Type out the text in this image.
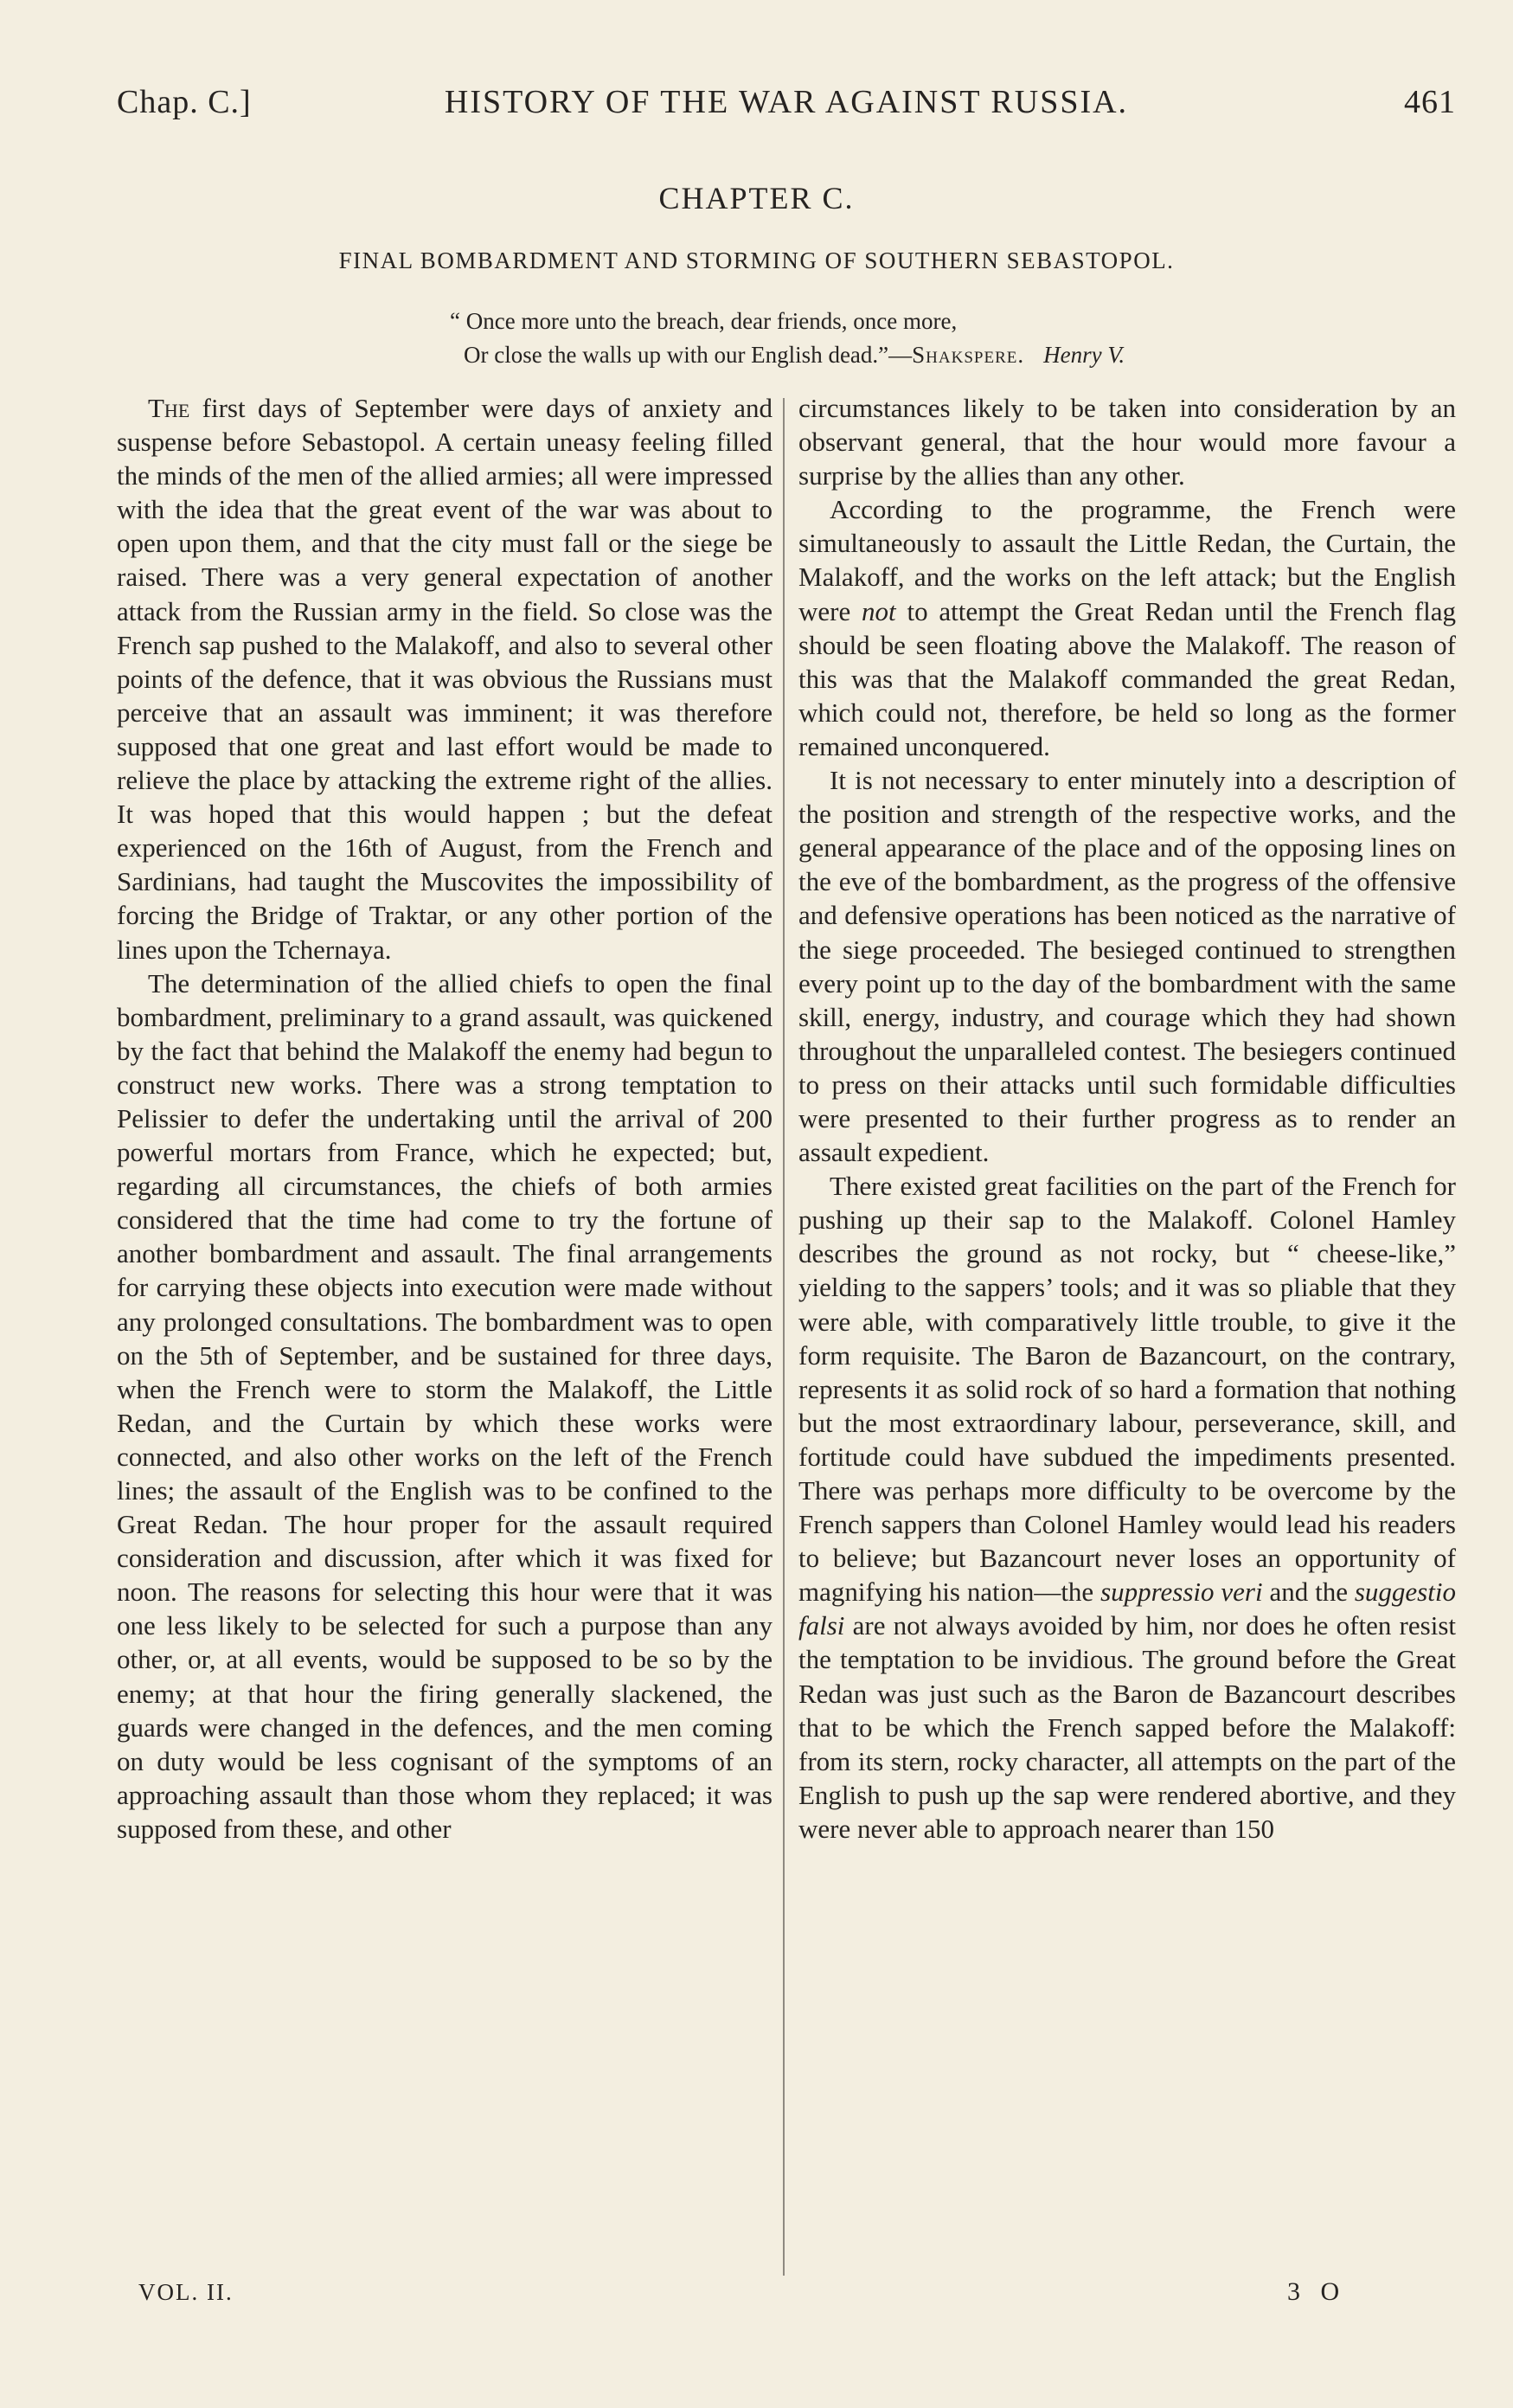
Chap. C.]	HISTORY OF THE WAR AGAINST RUSSIA.	461
CHAPTER C.
FINAL BOMBARDMENT AND STORMING OF SOUTHERN SEBASTOPOL.
“ Once more unto the breach, dear friends, once more,
Or close the walls up with our English dead.”—Shakspere. Henry V.

The first days of September were days of anxiety and suspense before Sebastopol. A certain uneasy feeling filled the minds of the men of the allied armies; all were impressed with the idea that the great event of the war was about to open upon them, and that the city must fall or the siege be raised. There was a very general expectation of another attack from the Russian army in the field. So close was the French sap pushed to the Malakoff, and also to several other points of the defence, that it was obvious the Russians must perceive that an assault was imminent; it was therefore supposed that one great and last effort would be made to relieve the place by attacking the extreme right of the allies. It was hoped that this would happen ; but the defeat experienced on the 16th of August, from the French and Sardinians, had taught the Muscovites the impossibility of forcing the Bridge of Traktar, or any other portion of the lines upon the Tchernaya.

The determination of the allied chiefs to open the final bombardment, preliminary to a grand assault, was quickened by the fact that behind the Malakoff the enemy had begun to construct new works. There was a strong temptation to Pelissier to defer the undertaking until the arrival of 200 powerful mortars from France, which he expected; but, regarding all circumstances, the chiefs of both armies considered that the time had come to try the fortune of another bombardment and assault. The final arrangements for carrying these objects into execution were made without any prolonged consultations. The bombardment was to open on the 5th of September, and be sustained for three days, when the French were to storm the Malakoff, the Little Redan, and the Curtain by which these works were connected, and also other works on the left of the French lines; the assault of the English was to be confined to the Great Redan. The hour proper for the assault required consideration and discussion, after which it was fixed for noon. The reasons for selecting this hour were that it was one less likely to be selected for such a purpose than any other, or, at all events, would be supposed to be so by the enemy; at that hour the firing generally slackened, the guards were changed in the defences, and the men coming on duty would be less cognisant of the symptoms of an approaching assault than those whom they replaced; it was supposed from these, and other

circumstances likely to be taken into consideration by an observant general, that the hour would more favour a surprise by the allies than any other.

According to the programme, the French were simultaneously to assault the Little Redan, the Curtain, the Malakoff, and the works on the left attack; but the English were not to attempt the Great Redan until the French flag should be seen floating above the Malakoff. The reason of this was that the Malakoff commanded the great Redan, which could not, therefore, be held so long as the former remained unconquered.

It is not necessary to enter minutely into a description of the position and strength of the respective works, and the general appearance of the place and of the opposing lines on the eve of the bombardment, as the progress of the offensive and defensive operations has been noticed as the narrative of the siege proceeded. The besieged continued to strengthen every point up to the day of the bombardment with the same skill, energy, industry, and courage which they had shown throughout the unparalleled contest. The besiegers continued to press on their attacks until such formidable difficulties were presented to their further progress as to render an assault expedient.

There existed great facilities on the part of the French for pushing up their sap to the Malakoff. Colonel Hamley describes the ground as not rocky, but “ cheese-like,” yielding to the sappers’ tools; and it was so pliable that they were able, with comparatively little trouble, to give it the form requisite. The Baron de Bazancourt, on the contrary, represents it as solid rock of so hard a formation that nothing but the most extraordinary labour, perseverance, skill, and fortitude could have subdued the impediments presented. There was perhaps more difficulty to be overcome by the French sappers than Colonel Hamley would lead his readers to believe; but Bazancourt never loses an opportunity of magnifying his nation—the suppressio veri and the suggestio falsi are not always avoided by him, nor does he often resist the temptation to be invidious. The ground before the Great Redan was just such as the Baron de Bazancourt describes that to be which the French sapped before the Malakoff: from its stern, rocky character, all attempts on the part of the English to push up the sap were rendered abortive, and they were never able to approach nearer than 150

VOL. II.	3 O
